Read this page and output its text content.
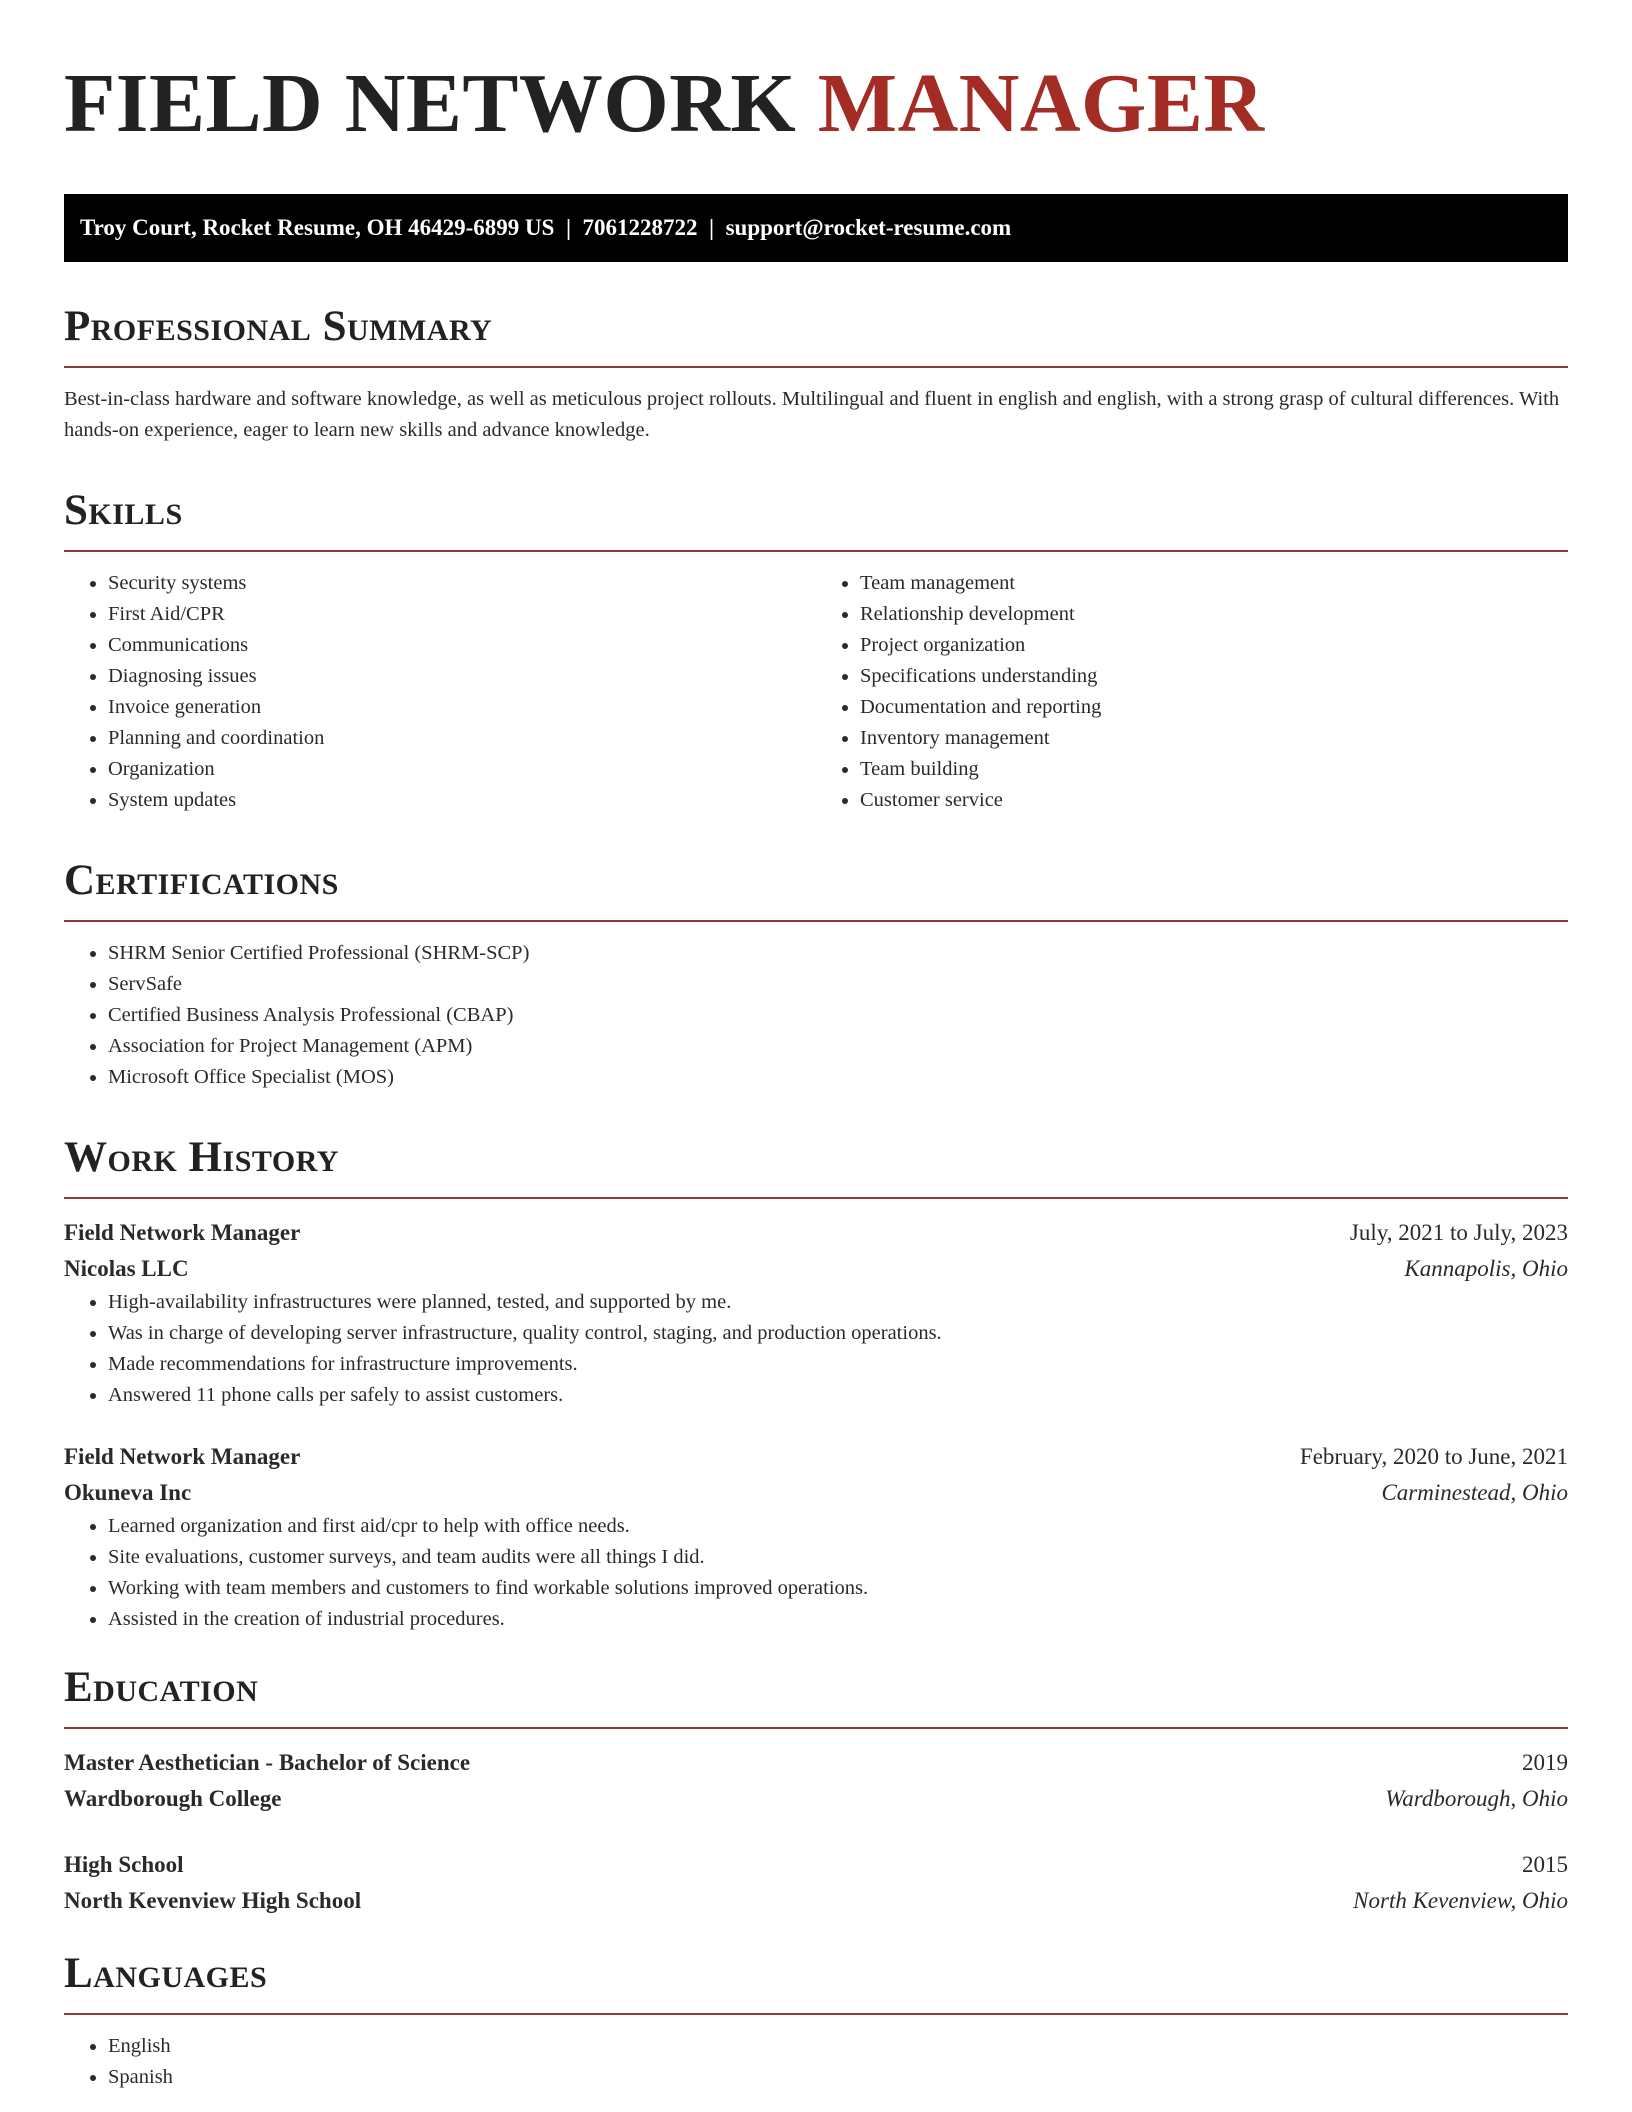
FIELD NETWORK MANAGER
Troy Court, Rocket Resume, OH 46429-6899 US  |  7061228722  |  support@rocket-resume.com
Professional Summary

Best-in-class hardware and software knowledge, as well as meticulous project rollouts. Multilingual and fluent in english and english, with a strong grasp of cultural differences. With hands-on experience, eager to learn new skills and advance knowledge.

Skills
• Security systems
• First Aid/CPR
• Communications
• Diagnosing issues
• Invoice generation
• Planning and coordination
• Organization
• System updates
• Team management
• Relationship development
• Project organization
• Specifications understanding
• Documentation and reporting
• Inventory management
• Team building
• Customer service
Certifications
• SHRM Senior Certified Professional (SHRM-SCP)
• ServSafe
• Certified Business Analysis Professional (CBAP)
• Association for Project Management (APM)
• Microsoft Office Specialist (MOS)
Work History
Field Network Manager	July, 2021 to July, 2023
Nicolas LLC	Kannapolis, Ohio
• High-availability infrastructures were planned, tested, and supported by me.
• Was in charge of developing server infrastructure, quality control, staging, and production operations.
• Made recommendations for infrastructure improvements.
• Answered 11 phone calls per safely to assist customers.
Field Network Manager	February, 2020 to June, 2021
Okuneva Inc	Carminestead, Ohio
• Learned organization and first aid/cpr to help with office needs.
• Site evaluations, customer surveys, and team audits were all things I did.
• Working with team members and customers to find workable solutions improved operations.
• Assisted in the creation of industrial procedures.
Education
Master Aesthetician - Bachelor of Science	2019
Wardborough College	Wardborough, Ohio
High School	2015
North Kevenview High School	North Kevenview, Ohio
Languages
• English
• Spanish
